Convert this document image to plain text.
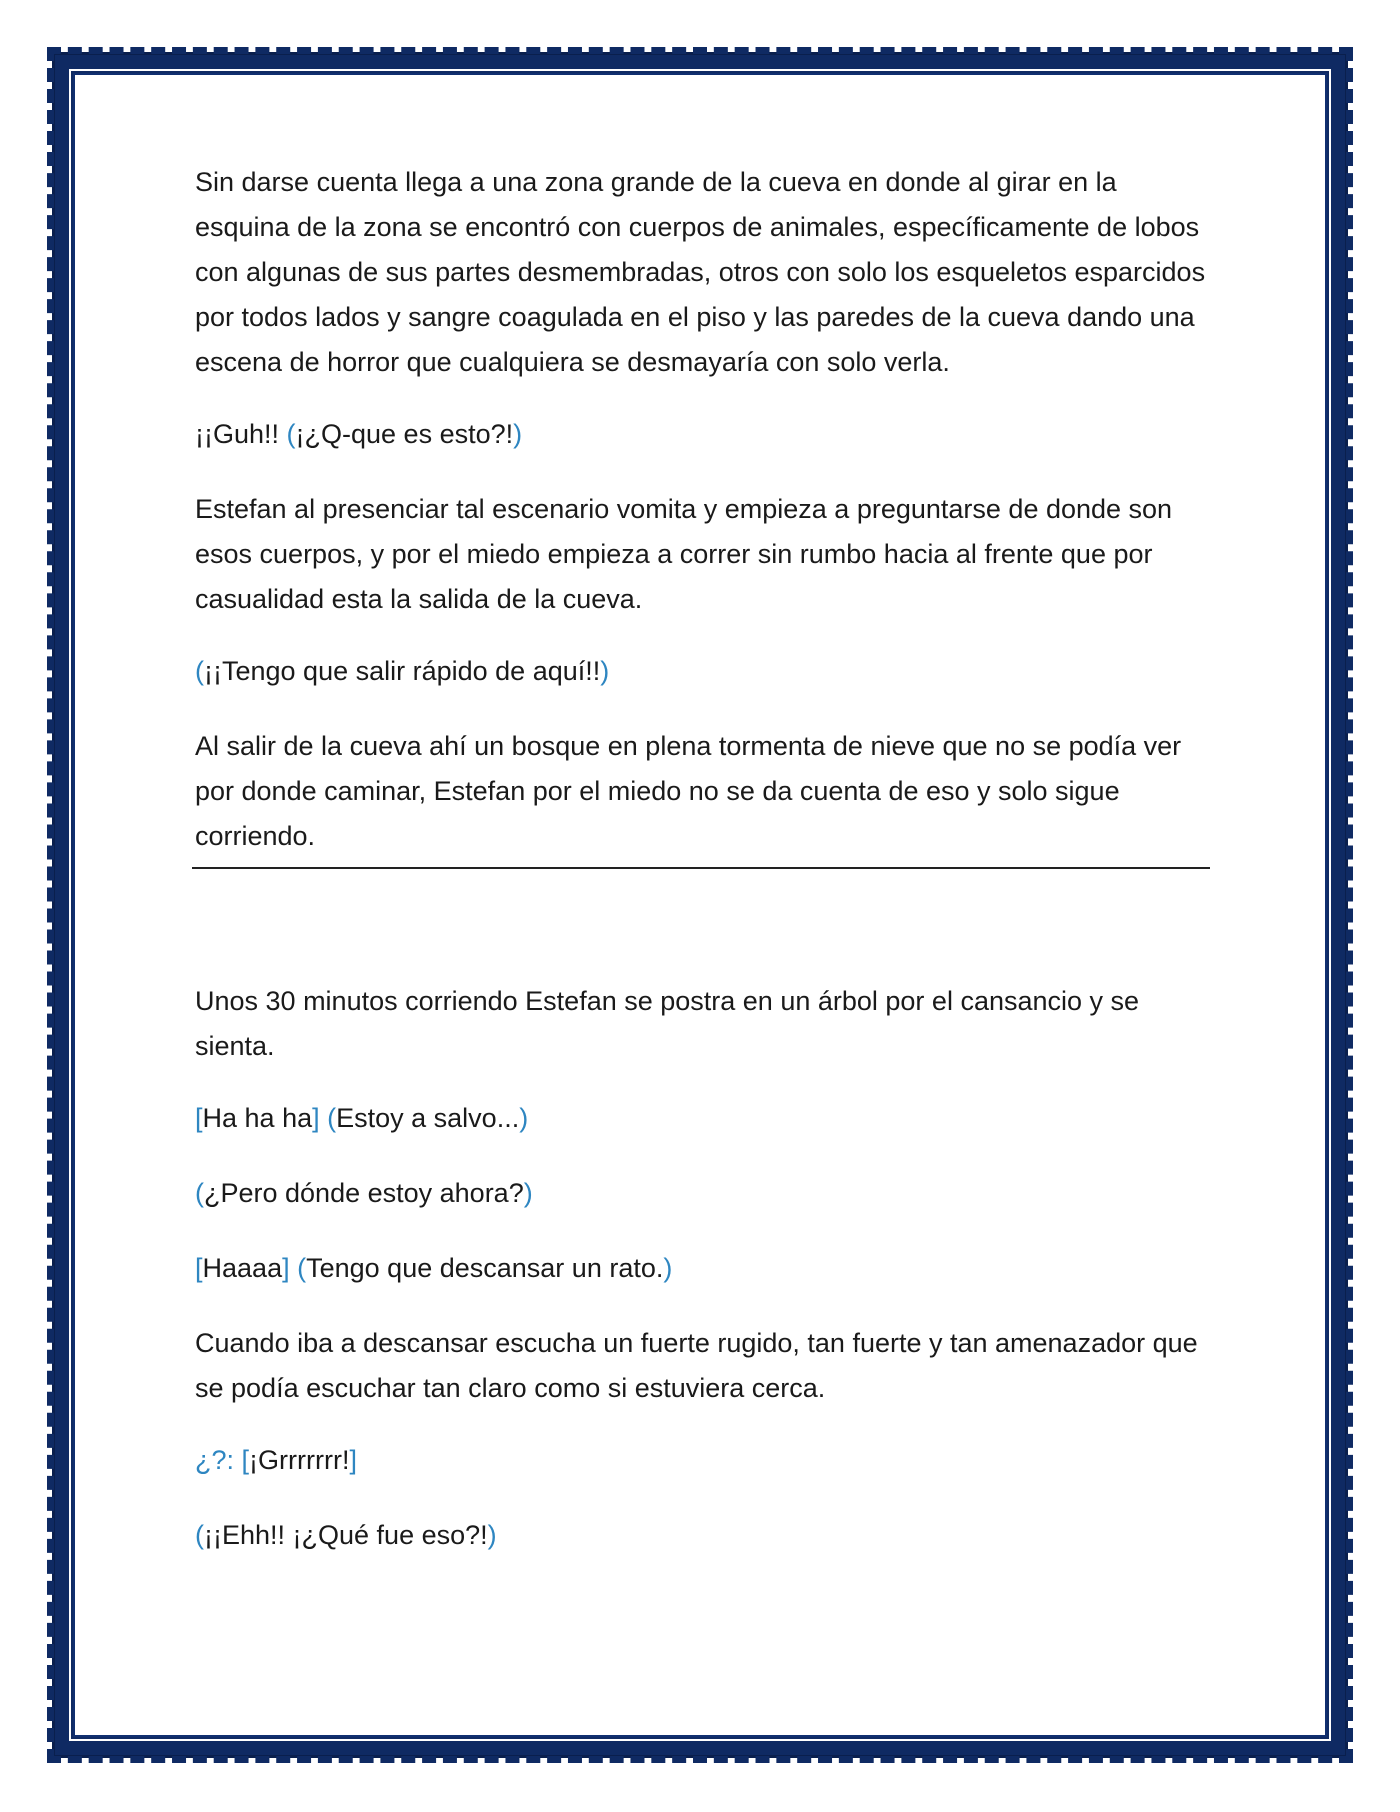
Sin darse cuenta llega a una zona grande de la cueva en donde al girar en la esquina de la zona se encontró con cuerpos de animales, específicamente de lobos con algunas de sus partes desmembradas, otros con solo los esqueletos esparcidos por todos lados y sangre coagulada en el piso y las paredes de la cueva dando una escena de horror que cualquiera se desmayaría con solo verla.

¡¡Guh!! (¡¿Q-que es esto?!)

Estefan al presenciar tal escenario vomita y empieza a preguntarse de donde son esos cuerpos, y por el miedo empieza a correr sin rumbo hacia al frente que por casualidad esta la salida de la cueva.

(¡¡Tengo que salir rápido de aquí!!)

Al salir de la cueva ahí un bosque en plena tormenta de nieve que no se podía ver por donde caminar, Estefan por el miedo no se da cuenta de eso y solo sigue corriendo.

Unos 30 minutos corriendo Estefan se postra en un árbol por el cansancio y se sienta.

[Ha ha ha] (Estoy a salvo...)

(¿Pero dónde estoy ahora?)

[Haaaa] (Tengo que descansar un rato.)

Cuando iba a descansar escucha un fuerte rugido, tan fuerte y tan amenazador que se podía escuchar tan claro como si estuviera cerca.

¿?: [¡Grrrrrrr!]

(¡¡Ehh!! ¡¿Qué fue eso?!)
